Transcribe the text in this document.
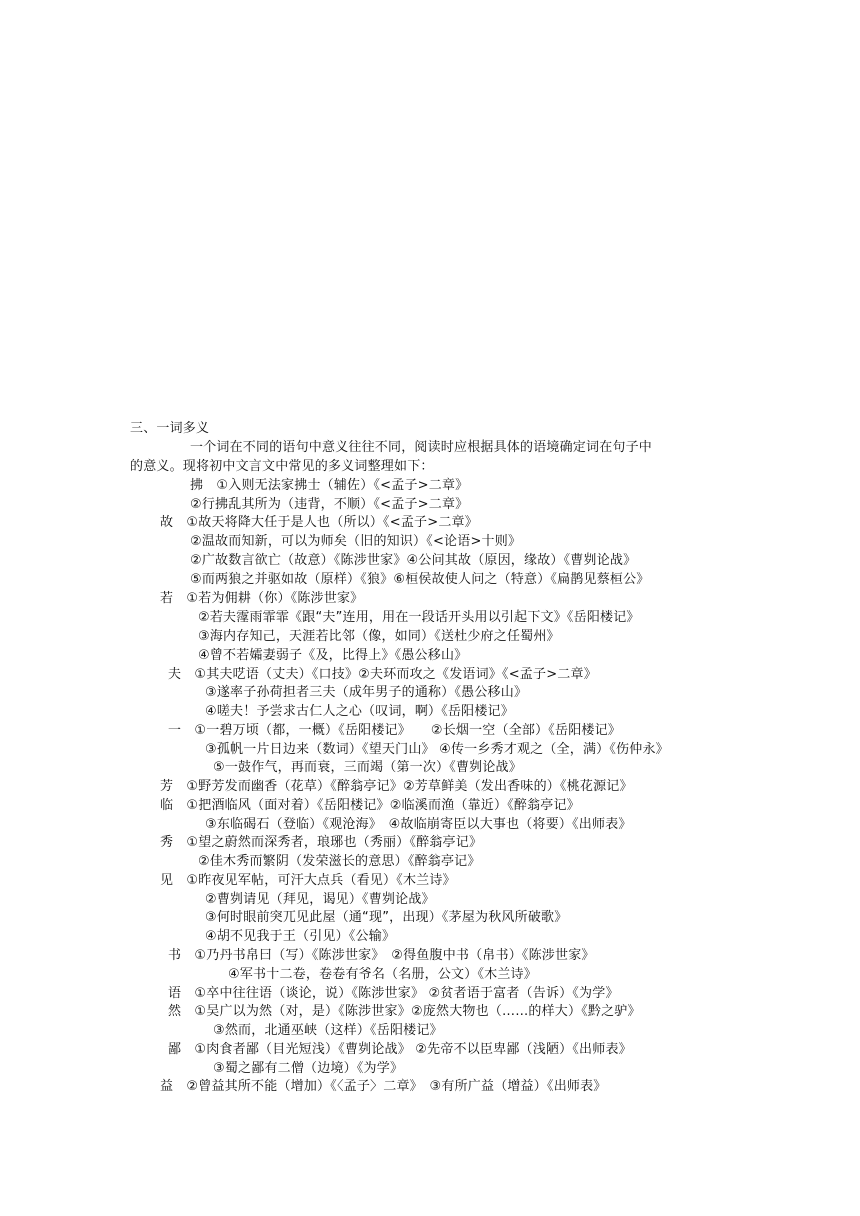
三、一词多义
一个词在不同的语句中意义往往不同，阅读时应根据具体的语境确定词在句子中
的意义。现将初中文言文中常见的多义词整理如下：
拂　①入则无法家拂士（辅佐）《<孟子>二章》
②行拂乱其所为（违背，不顺）《<孟子>二章》
故　①故天将降大任于是人也（所以）《<孟子>二章》
②温故而知新，可以为师矣（旧的知识）《<论语>十则》
②广故数言欲亡（故意）《陈涉世家》④公问其故（原因，缘故）《曹刿论战》
⑤而两狼之并驱如故（原样）《狼》⑥桓侯故使人问之（特意）《扁鹊见蔡桓公》
若　①若为佣耕（你）《陈涉世家》
②若夫霪雨霏霏《跟“夫”连用，用在一段话开头用以引起下文》《岳阳楼记》
③海内存知己，天涯若比邻（像，如同）《送杜少府之任蜀州》
④曾不若孀妻弱子《及，比得上》《愚公移山》
夫　①其夫呓语（丈夫）《口技》②夫环而攻之《发语词》《<孟子>二章》
③遂率子孙荷担者三夫（成年男子的通称）《愚公移山》
④嗟夫！予尝求古仁人之心（叹词，啊）《岳阳楼记》
一　①一碧万顷（都，一概）《岳阳楼记》　　②长烟一空（全部）《岳阳楼记》
③孤帆一片日边来（数词）《望天门山》 ④传一乡秀才观之（全，满）《伤仲永》
⑤一鼓作气，再而衰，三而竭（第一次）《曹刿论战》
芳　①野芳发而幽香（花草）《醉翁亭记》②芳草鲜美（发出香味的）《桃花源记》
临　①把酒临风（面对着）《岳阳楼记》②临溪而渔（靠近）《醉翁亭记》
③东临碣石（登临）《观沧海》　④故临崩寄臣以大事也（将要）《出师表》
秀　①望之蔚然而深秀者，琅琊也（秀丽）《醉翁亭记》
②佳木秀而繁阴（发荣滋长的意思）《醉翁亭记》
见　①昨夜见军帖，可汗大点兵（看见）《木兰诗》
②曹刿请见（拜见，谒见）《曹刿论战》
③何时眼前突兀见此屋（通“现”，出现）《茅屋为秋风所破歌》
④胡不见我于王（引见）《公输》
书　①乃丹书帛曰（写）《陈涉世家》　②得鱼腹中书（帛书）《陈涉世家》
④军书十二卷，卷卷有爷名（名册，公文）《木兰诗》
语　①卒中往往语（谈论，说）《陈涉世家》 ②贫者语于富者（告诉）《为学》
然　①吴广以为然（对，是）《陈涉世家》②庞然大物也（……的样大）《黔之驴》
③然而，北通巫峡（这样）《岳阳楼记》
鄙　①肉食者鄙（目光短浅）《曹刿论战》 ②先帝不以臣卑鄙（浅陋）《出师表》
③蜀之鄙有二僧（边境）《为学》
益　②曾益其所不能（增加）《〈孟子〉二章》　③有所广益（增益）《出师表》
